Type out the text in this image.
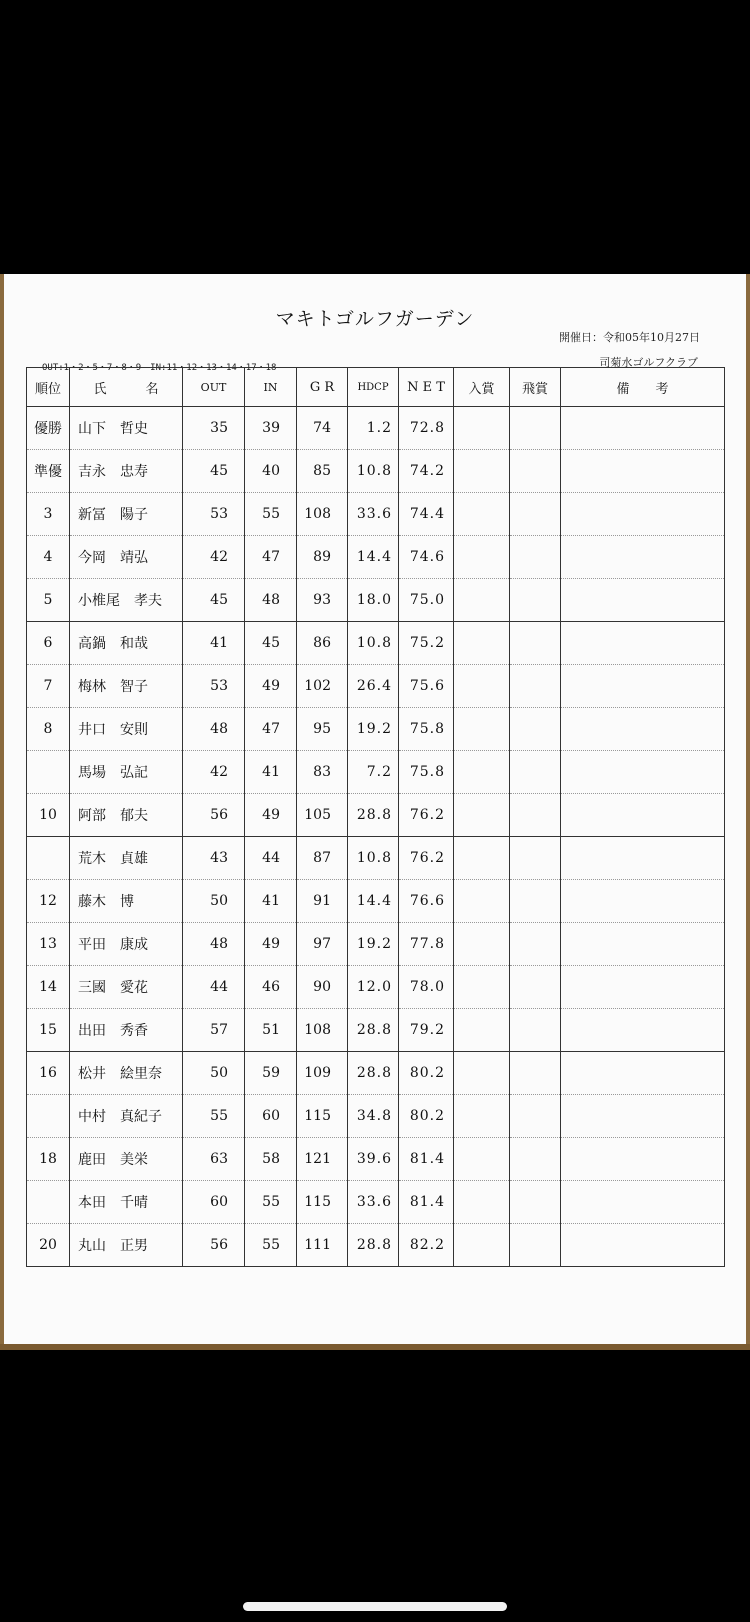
マキトゴルフガーデン
開催日：令和05年10月27日
OUT:1・2・5・7・8・9　IN:11・12・13・14・17・18	司菊水ゴルフクラブ
順位	氏　　　名	OUT	IN	G R	HDCP	N E T	入賞	飛賞	備　　考
優勝	山下 哲史	35	39	74	1.2	72.8			
準優	吉永 忠寿	45	40	85	10.8	74.2			
3	新冨 陽子	53	55	108	33.6	74.4			
4	今岡 靖弘	42	47	89	14.4	74.6			
5	小椎尾 孝夫	45	48	93	18.0	75.0			
6	高鍋 和哉	41	45	86	10.8	75.2			
7	梅林 智子	53	49	102	26.4	75.6			
8	井口 安則	48	47	95	19.2	75.8			
	馬場 弘記	42	41	83	7.2	75.8			
10	阿部 郁夫	56	49	105	28.8	76.2			
	荒木 貞雄	43	44	87	10.8	76.2			
12	藤木 博	50	41	91	14.4	76.6			
13	平田 康成	48	49	97	19.2	77.8			
14	三國 愛花	44	46	90	12.0	78.0			
15	出田 秀香	57	51	108	28.8	79.2			
16	松井 絵里奈	50	59	109	28.8	80.2			
	中村 真紀子	55	60	115	34.8	80.2			
18	鹿田 美栄	63	58	121	39.6	81.4			
	本田 千晴	60	55	115	33.6	81.4			
20	丸山 正男	56	55	111	28.8	82.2			
